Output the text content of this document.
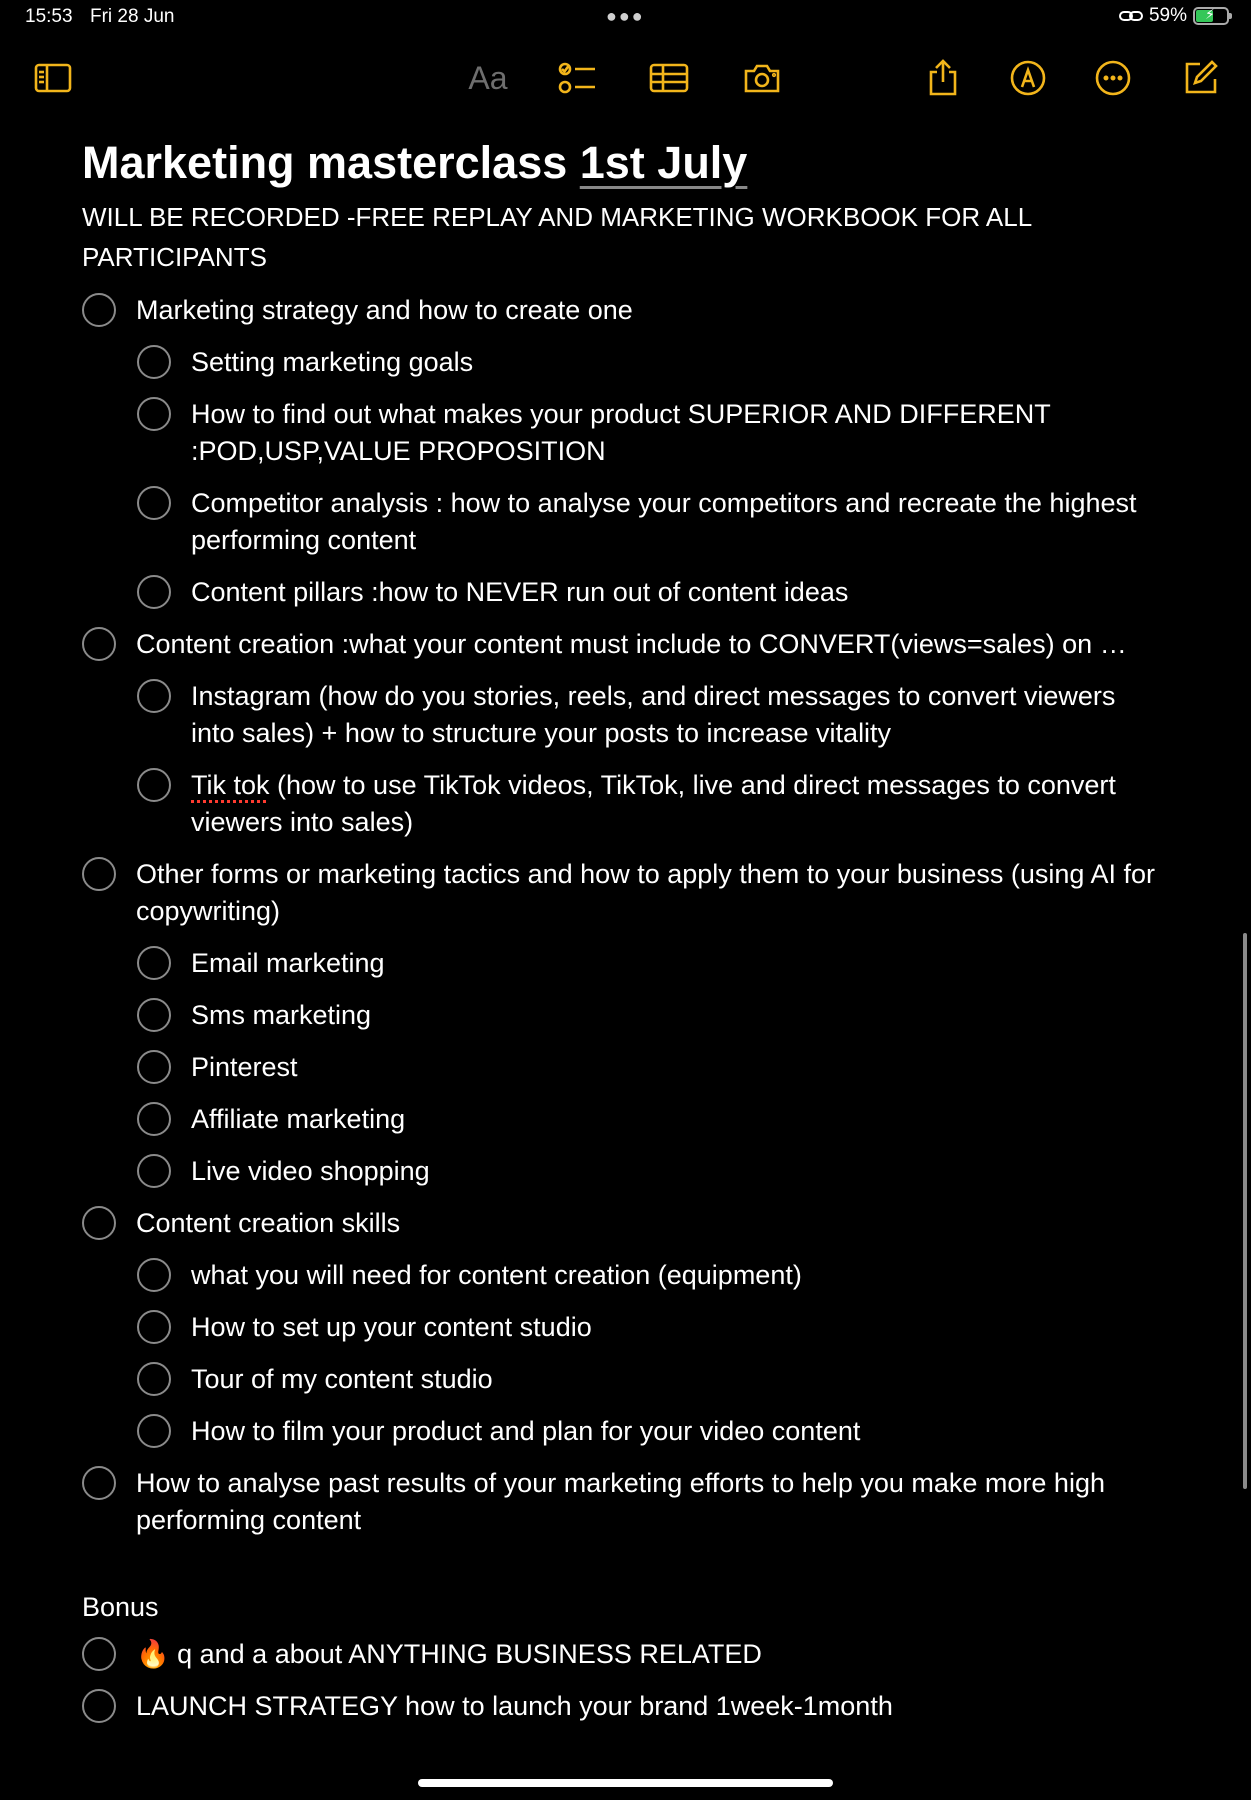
15:53 Fri 28 Jun	●●●	59% ⚡
Aa
Marketing masterclass 1st July
WILL BE RECORDED -FREE REPLAY AND MARKETING WORKBOOK FOR ALL PARTICIPANTS
Marketing strategy and how to create one
Setting marketing goals
How to find out what makes your product SUPERIOR AND DIFFERENT :POD,USP,VALUE PROPOSITION
Competitor analysis : how to analyse your competitors and recreate the highest performing content
Content pillars :how to NEVER run out of content ideas
Content creation :what your content must include to CONVERT(views=sales) on …
Instagram (how do you stories, reels, and direct messages to convert viewers into sales) + how to structure your posts to increase vitality
Tik tok (how to use TikTok videos, TikTok, live and direct messages to convert viewers into sales)
Other forms or marketing tactics and how to apply them to your business (using AI for copywriting)
Email marketing
Sms marketing
Pinterest
Affiliate marketing
Live video shopping
Content creation skills
what you will need for content creation (equipment)
How to set up your content studio
Tour of my content studio
How to film your product and plan for your video content
How to analyse past results of your marketing efforts to help you make more high performing content
Bonus
🔥 q and a about ANYTHING BUSINESS RELATED
LAUNCH STRATEGY how to launch your brand 1week-1month
